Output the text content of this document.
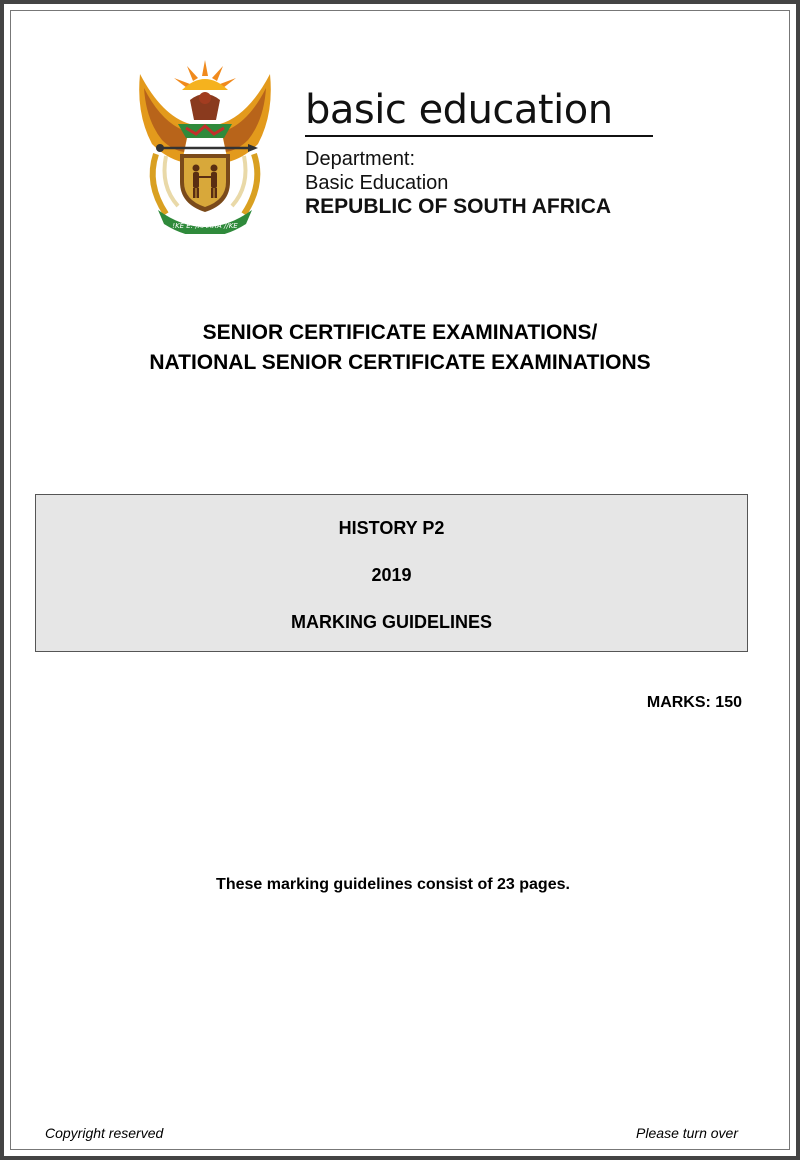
!KE E: /XARRA //KE
basic education
Department:
Basic Education
REPUBLIC OF SOUTH AFRICA
SENIOR CERTIFICATE EXAMINATIONS/
NATIONAL SENIOR CERTIFICATE EXAMINATIONS
HISTORY P2
2019
MARKING GUIDELINES
MARKS: 150
These marking guidelines consist of 23 pages.
Copyright reserved	Please turn over
